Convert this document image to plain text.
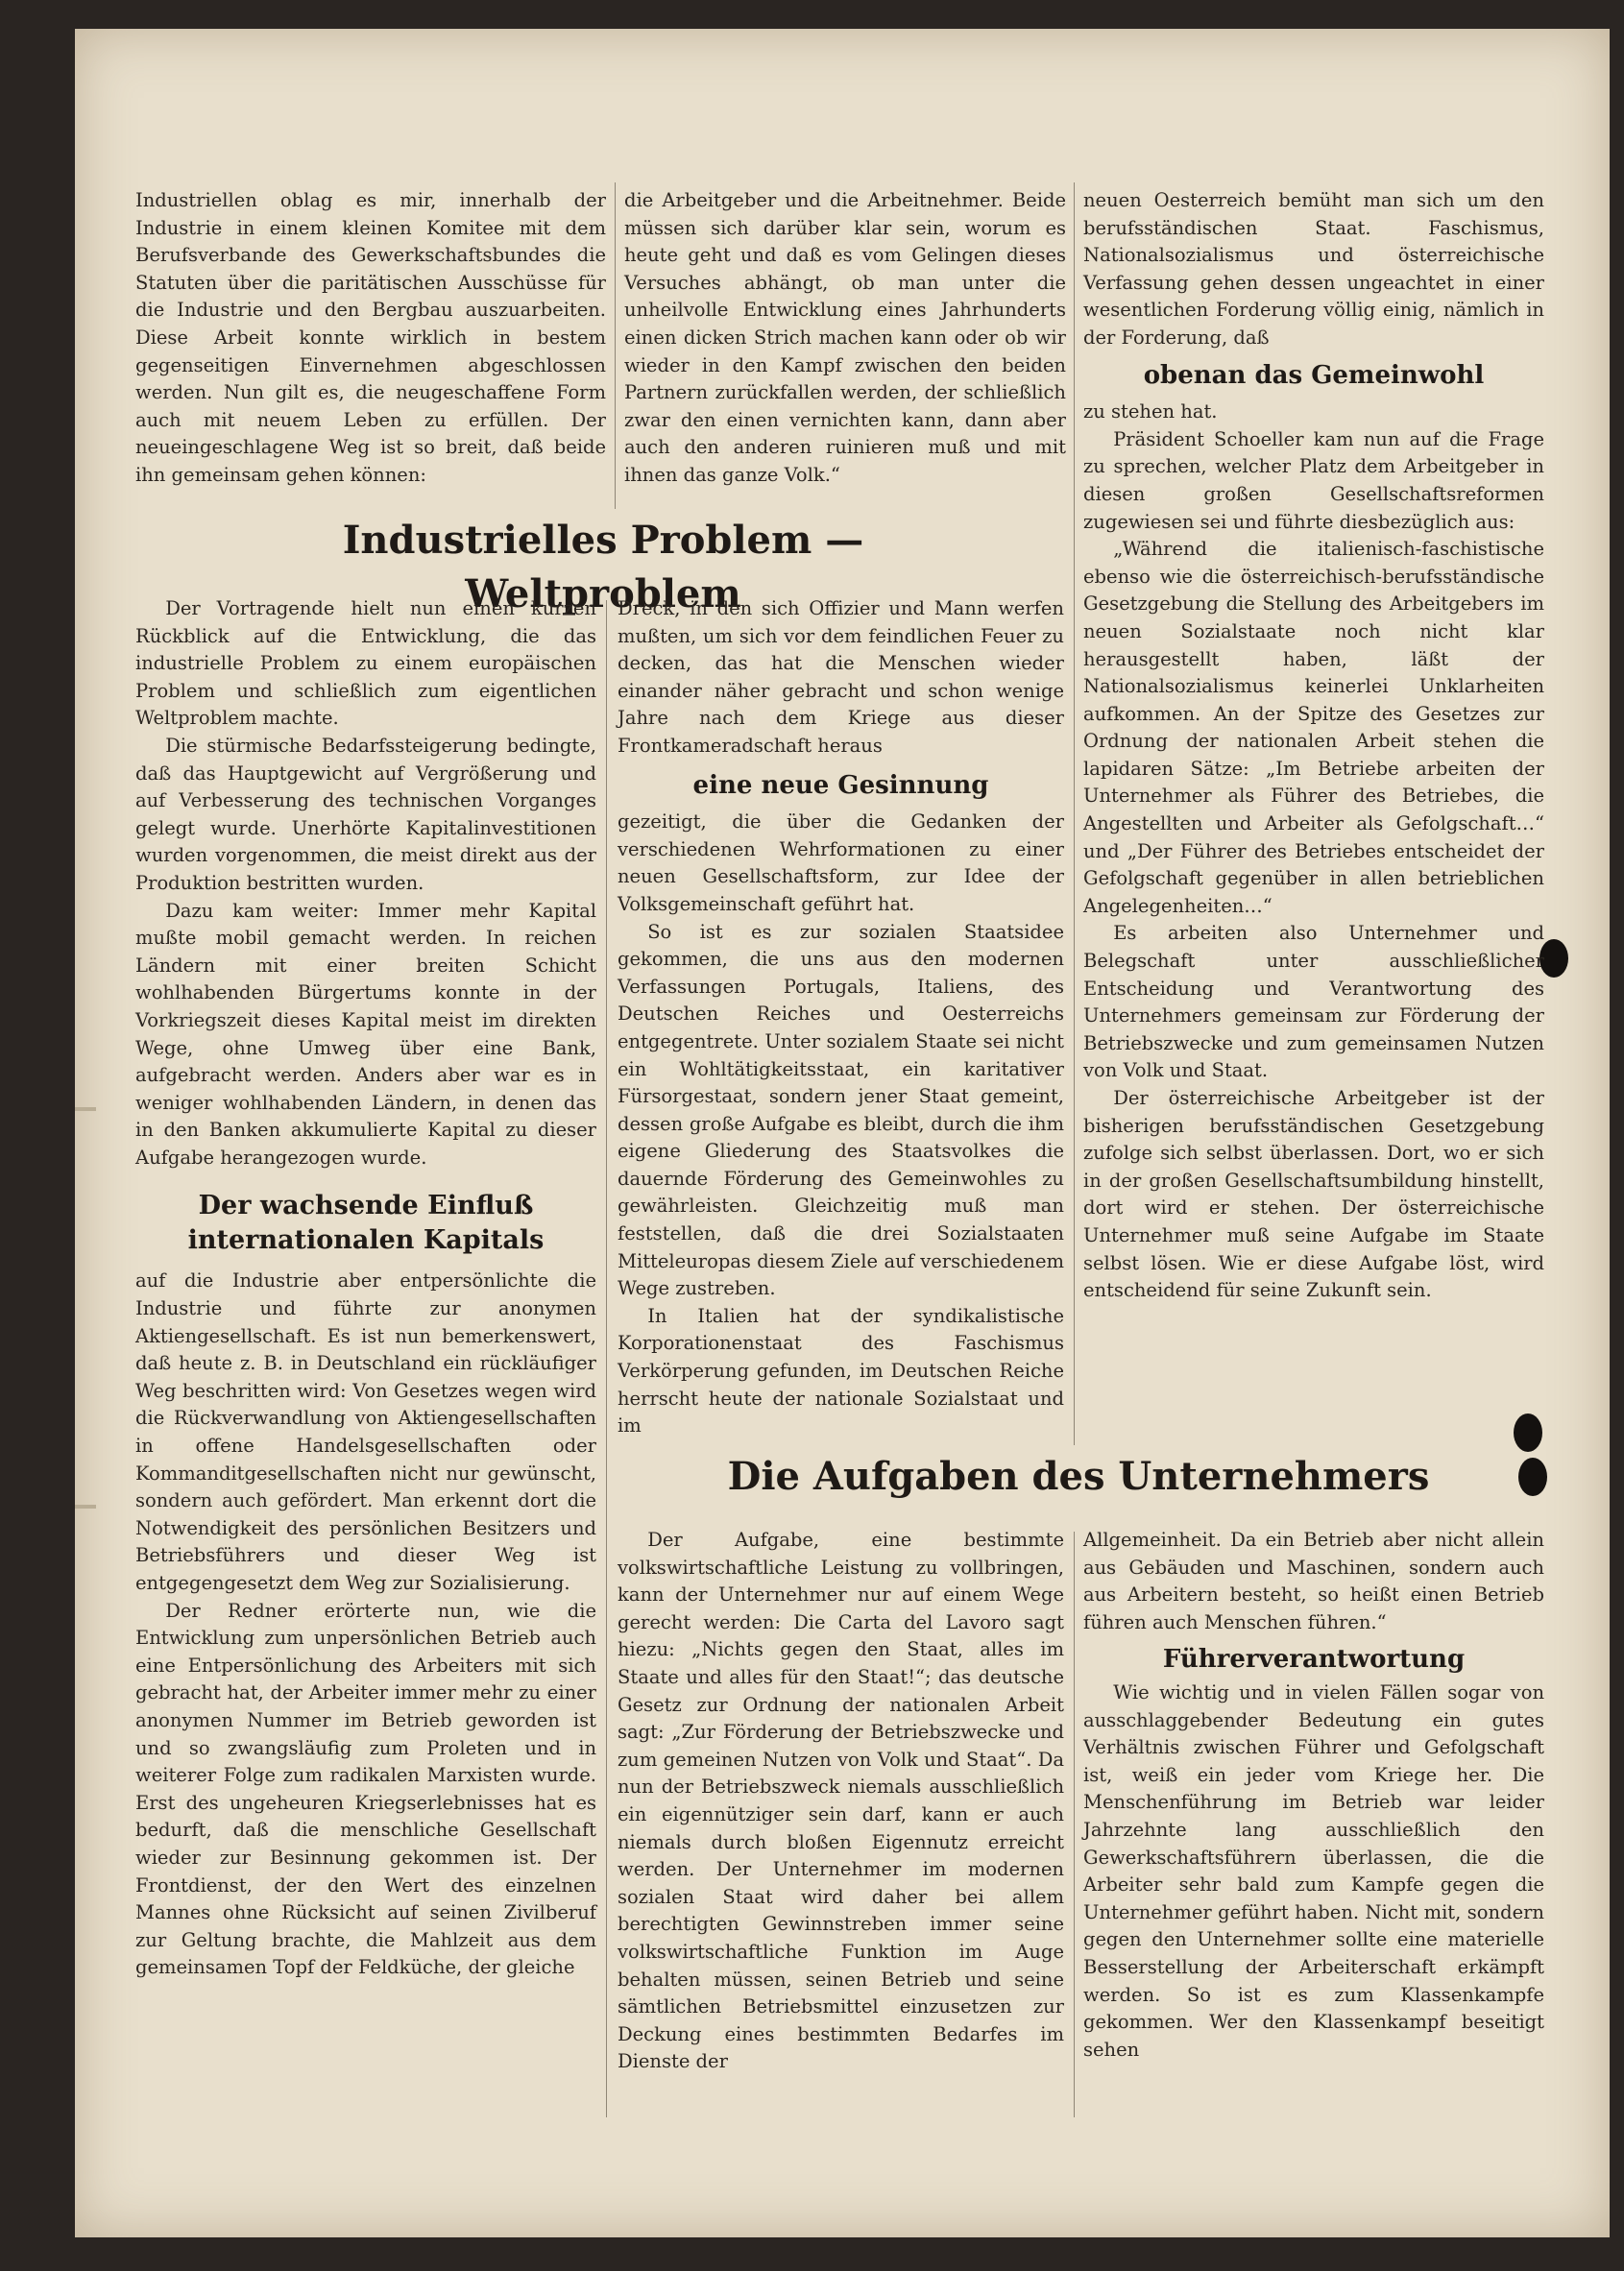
Industriellen oblag es mir, innerhalb der Industrie in einem kleinen Komitee mit dem Berufsverbande des Gewerkschaftsbundes die Statuten über die paritätischen Ausschüsse für die Industrie und den Bergbau auszuarbeiten. Diese Arbeit konnte wirklich in bestem gegenseitigen Einvernehmen abgeschlossen werden. Nun gilt es, die neugeschaffene Form auch mit neuem Leben zu erfüllen. Der neueingeschlagene Weg ist so breit, daß beide ihn gemeinsam gehen können:

die Arbeitgeber und die Arbeitnehmer. Beide müssen sich darüber klar sein, worum es heute geht und daß es vom Gelingen dieses Versuches abhängt, ob man unter die unheilvolle Entwicklung eines Jahrhunderts einen dicken Strich machen kann oder ob wir wieder in den Kampf zwischen den beiden Partnern zurückfallen werden, der schließlich zwar den einen vernichten kann, dann aber auch den anderen ruinieren muß und mit ihnen das ganze Volk.“

neuen Oesterreich bemüht man sich um den berufsständischen Staat. Faschismus, Nationalsozialismus und österreichische Verfassung gehen dessen ungeachtet in einer wesentlichen Forderung völlig einig, nämlich in der Forderung, daß

obenan das Gemeinwohl

zu stehen hat.

Präsident Schoeller kam nun auf die Frage zu sprechen, welcher Platz dem Arbeitgeber in diesen großen Gesellschaftsreformen zugewiesen sei und führte diesbezüglich aus:

„Während die italienisch-faschistische ebenso wie die österreichisch-berufsständische Gesetzgebung die Stellung des Arbeitgebers im neuen Sozialstaate noch nicht klar herausgestellt haben, läßt der Nationalsozialismus keinerlei Unklarheiten aufkommen. An der Spitze des Gesetzes zur Ordnung der nationalen Arbeit stehen die lapidaren Sätze: „Im Betriebe arbeiten der Unternehmer als Führer des Betriebes, die Angestellten und Arbeiter als Gefolgschaft…“ und „Der Führer des Betriebes entscheidet der Gefolgschaft gegenüber in allen betrieblichen Angelegenheiten…“

Es arbeiten also Unternehmer und Belegschaft unter ausschließlicher Entscheidung und Verantwortung des Unternehmers gemeinsam zur Förderung der Betriebszwecke und zum gemeinsamen Nutzen von Volk und Staat.

Der österreichische Arbeitgeber ist der bisherigen berufsständischen Gesetzgebung zufolge sich selbst überlassen. Dort, wo er sich in der großen Gesellschaftsumbildung hinstellt, dort wird er stehen. Der österreichische Unternehmer muß seine Aufgabe im Staate selbst lösen. Wie er diese Aufgabe löst, wird entscheidend für seine Zukunft sein.

Industrielles Problem — Weltproblem

Der Vortragende hielt nun einen kurzen Rückblick auf die Entwicklung, die das industrielle Problem zu einem europäischen Problem und schließlich zum eigentlichen Weltproblem machte.

Die stürmische Bedarfssteigerung bedingte, daß das Hauptgewicht auf Vergrößerung und auf Verbesserung des technischen Vorganges gelegt wurde. Unerhörte Kapitalinvestitionen wurden vorgenommen, die meist direkt aus der Produktion bestritten wurden.

Dazu kam weiter: Immer mehr Kapital mußte mobil gemacht werden. In reichen Ländern mit einer breiten Schicht wohlhabenden Bürgertums konnte in der Vorkriegszeit dieses Kapital meist im direkten Wege, ohne Umweg über eine Bank, aufgebracht werden. Anders aber war es in weniger wohlhabenden Ländern, in denen das in den Banken akkumulierte Kapital zu dieser Aufgabe herangezogen wurde.

Der wachsende Einfluß internationalen Kapitals

auf die Industrie aber entpersönlichte die Industrie und führte zur anonymen Aktiengesellschaft. Es ist nun bemerkenswert, daß heute z. B. in Deutschland ein rückläufiger Weg beschritten wird: Von Gesetzes wegen wird die Rückverwandlung von Aktiengesellschaften in offene Handelsgesellschaften oder Kommanditgesellschaften nicht nur gewünscht, sondern auch gefördert. Man erkennt dort die Notwendigkeit des persönlichen Besitzers und Betriebsführers und dieser Weg ist entgegengesetzt dem Weg zur Sozialisierung.

Der Redner erörterte nun, wie die Entwicklung zum unpersönlichen Betrieb auch eine Entpersönlichung des Arbeiters mit sich gebracht hat, der Arbeiter immer mehr zu einer anonymen Nummer im Betrieb geworden ist und so zwangsläufig zum Proleten und in weiterer Folge zum radikalen Marxisten wurde. Erst des ungeheuren Kriegserlebnisses hat es bedurft, daß die menschliche Gesellschaft wieder zur Besinnung gekommen ist. Der Frontdienst, der den Wert des einzelnen Mannes ohne Rücksicht auf seinen Zivilberuf zur Geltung brachte, die Mahlzeit aus dem gemeinsamen Topf der Feldküche, der gleiche

Dreck, in den sich Offizier und Mann werfen mußten, um sich vor dem feindlichen Feuer zu decken, das hat die Menschen wieder einander näher gebracht und schon wenige Jahre nach dem Kriege aus dieser Frontkameradschaft heraus

eine neue Gesinnung

gezeitigt, die über die Gedanken der verschiedenen Wehrformationen zu einer neuen Gesellschaftsform, zur Idee der Volksgemeinschaft geführt hat.

So ist es zur sozialen Staatsidee gekommen, die uns aus den modernen Verfassungen Portugals, Italiens, des Deutschen Reiches und Oesterreichs entgegentrete. Unter sozialem Staate sei nicht ein Wohltätigkeitsstaat, ein karitativer Fürsorgestaat, sondern jener Staat gemeint, dessen große Aufgabe es bleibt, durch die ihm eigene Gliederung des Staatsvolkes die dauernde Förderung des Gemeinwohles zu gewährleisten. Gleichzeitig muß man feststellen, daß die drei Sozialstaaten Mitteleuropas diesem Ziele auf verschiedenem Wege zustreben.

In Italien hat der syndikalistische Korporationenstaat des Faschismus Verkörperung gefunden, im Deutschen Reiche herrscht heute der nationale Sozialstaat und im

Die Aufgaben des Unternehmers

Der Aufgabe, eine bestimmte volkswirtschaftliche Leistung zu vollbringen, kann der Unternehmer nur auf einem Wege gerecht werden: Die Carta del Lavoro sagt hiezu: „Nichts gegen den Staat, alles im Staate und alles für den Staat!“; das deutsche Gesetz zur Ordnung der nationalen Arbeit sagt: „Zur Förderung der Betriebszwecke und zum gemeinen Nutzen von Volk und Staat“. Da nun der Betriebszweck niemals ausschließlich ein eigennütziger sein darf, kann er auch niemals durch bloßen Eigennutz erreicht werden. Der Unternehmer im modernen sozialen Staat wird daher bei allem berechtigten Gewinnstreben immer seine volkswirtschaftliche Funktion im Auge behalten müssen, seinen Betrieb und seine sämtlichen Betriebsmittel einzusetzen zur Deckung eines bestimmten Bedarfes im Dienste der

Allgemeinheit. Da ein Betrieb aber nicht allein aus Gebäuden und Maschinen, sondern auch aus Arbeitern besteht, so heißt einen Betrieb führen auch Menschen führen.“

Führerverantwortung

Wie wichtig und in vielen Fällen sogar von ausschlaggebender Bedeutung ein gutes Verhältnis zwischen Führer und Gefolgschaft ist, weiß ein jeder vom Kriege her. Die Menschenführung im Betrieb war leider Jahrzehnte lang ausschließlich den Gewerkschaftsführern überlassen, die die Arbeiter sehr bald zum Kampfe gegen die Unternehmer geführt haben. Nicht mit, sondern gegen den Unternehmer sollte eine materielle Besserstellung der Arbeiterschaft erkämpft werden. So ist es zum Klassenkampfe gekommen. Wer den Klassenkampf beseitigt sehen
